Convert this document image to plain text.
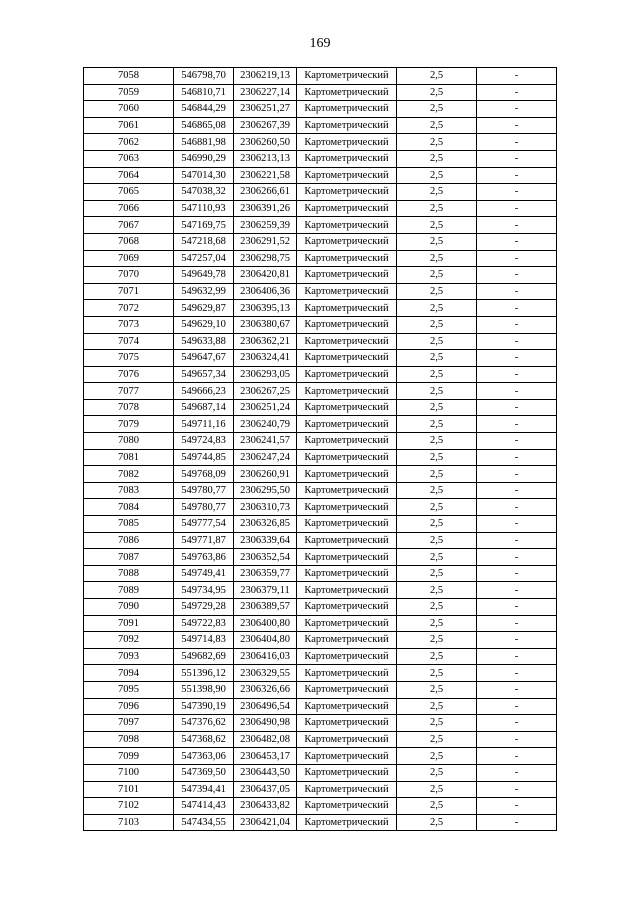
169
7058	546798,70	2306219,13	Картометрический	2,5	-
7059	546810,71	2306227,14	Картометрический	2,5	-
7060	546844,29	2306251,27	Картометрический	2,5	-
7061	546865,08	2306267,39	Картометрический	2,5	-
7062	546881,98	2306260,50	Картометрический	2,5	-
7063	546990,29	2306213,13	Картометрический	2,5	-
7064	547014,30	2306221,58	Картометрический	2,5	-
7065	547038,32	2306266,61	Картометрический	2,5	-
7066	547110,93	2306391,26	Картометрический	2,5	-
7067	547169,75	2306259,39	Картометрический	2,5	-
7068	547218,68	2306291,52	Картометрический	2,5	-
7069	547257,04	2306298,75	Картометрический	2,5	-
7070	549649,78	2306420,81	Картометрический	2,5	-
7071	549632,99	2306406,36	Картометрический	2,5	-
7072	549629,87	2306395,13	Картометрический	2,5	-
7073	549629,10	2306380,67	Картометрический	2,5	-
7074	549633,88	2306362,21	Картометрический	2,5	-
7075	549647,67	2306324,41	Картометрический	2,5	-
7076	549657,34	2306293,05	Картометрический	2,5	-
7077	549666,23	2306267,25	Картометрический	2,5	-
7078	549687,14	2306251,24	Картометрический	2,5	-
7079	549711,16	2306240,79	Картометрический	2,5	-
7080	549724,83	2306241,57	Картометрический	2,5	-
7081	549744,85	2306247,24	Картометрический	2,5	-
7082	549768,09	2306260,91	Картометрический	2,5	-
7083	549780,77	2306295,50	Картометрический	2,5	-
7084	549780,77	2306310,73	Картометрический	2,5	-
7085	549777,54	2306326,85	Картометрический	2,5	-
7086	549771,87	2306339,64	Картометрический	2,5	-
7087	549763,86	2306352,54	Картометрический	2,5	-
7088	549749,41	2306359,77	Картометрический	2,5	-
7089	549734,95	2306379,11	Картометрический	2,5	-
7090	549729,28	2306389,57	Картометрический	2,5	-
7091	549722,83	2306400,80	Картометрический	2,5	-
7092	549714,83	2306404,80	Картометрический	2,5	-
7093	549682,69	2306416,03	Картометрический	2,5	-
7094	551396,12	2306329,55	Картометрический	2,5	-
7095	551398,90	2306326,66	Картометрический	2,5	-
7096	547390,19	2306496,54	Картометрический	2,5	-
7097	547376,62	2306490,98	Картометрический	2,5	-
7098	547368,62	2306482,08	Картометрический	2,5	-
7099	547363,06	2306453,17	Картометрический	2,5	-
7100	547369,50	2306443,50	Картометрический	2,5	-
7101	547394,41	2306437,05	Картометрический	2,5	-
7102	547414,43	2306433,82	Картометрический	2,5	-
7103	547434,55	2306421,04	Картометрический	2,5	-
